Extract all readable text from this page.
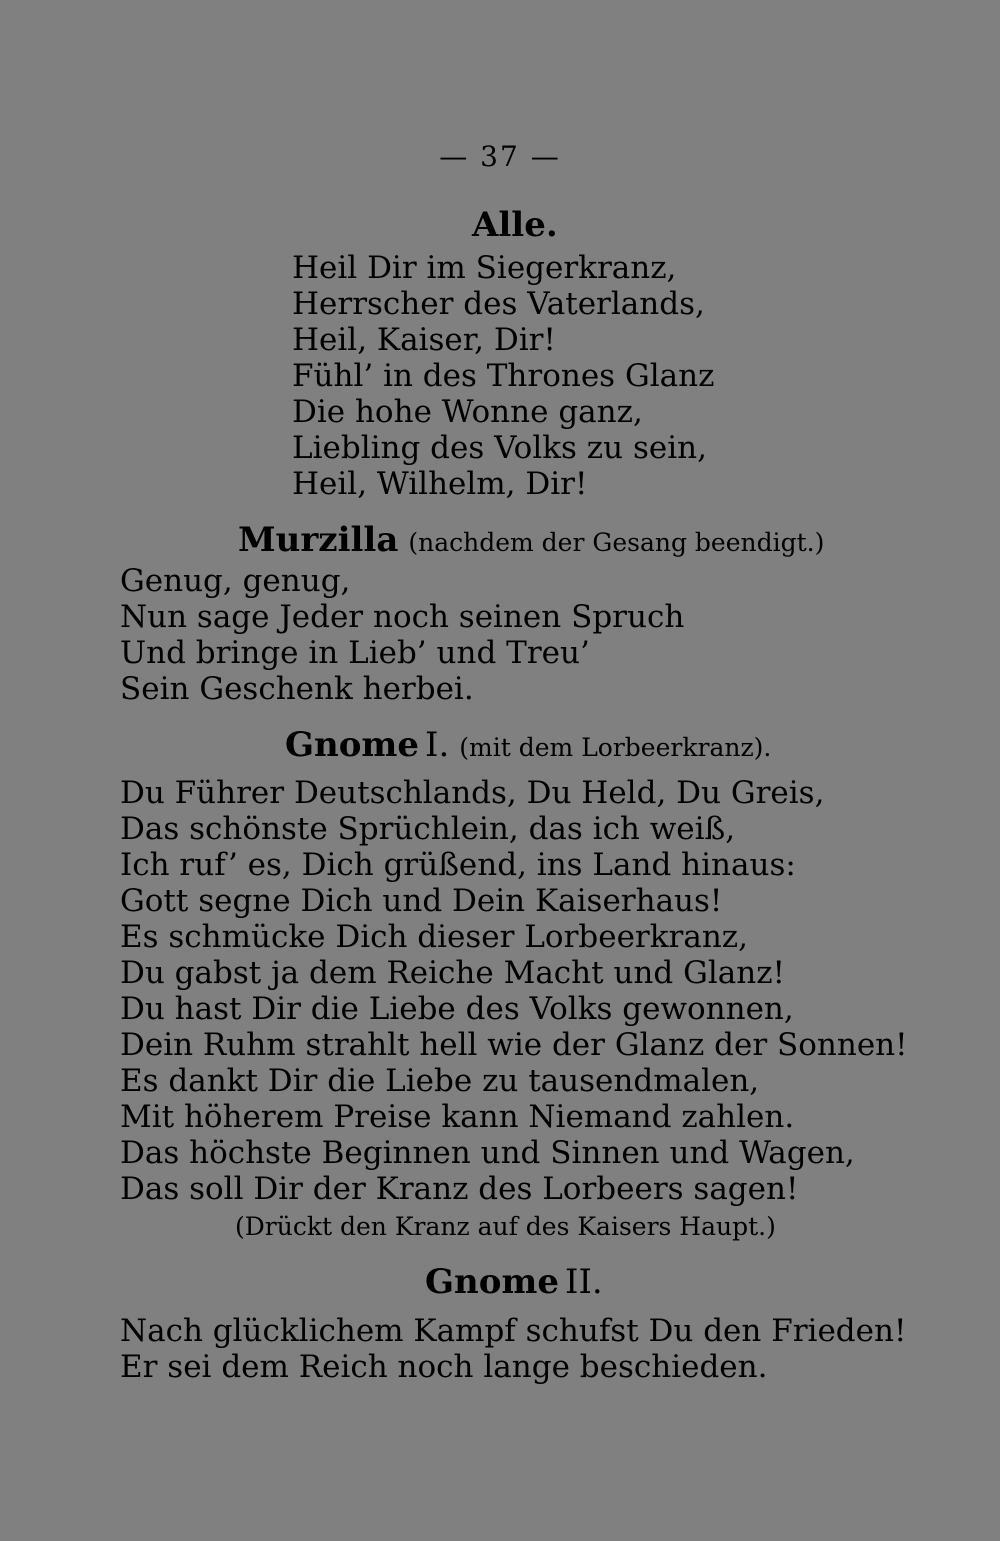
— 37 —
Alle.
Heil Dir im Siegerkranz,
Herrscher des Vaterlands,
Heil, Kaiser, Dir!
Fühl’ in des Thrones Glanz
Die hohe Wonne ganz,
Liebling des Volks zu sein,
Heil, Wilhelm, Dir!
Murzilla (nachdem der Gesang beendigt.)
Genug, genug,
Nun sage Jeder noch seinen Spruch
Und bringe in Lieb’ und Treu’
Sein Geschenk herbei.
Gnome I. (mit dem Lorbeerkranz).
Du Führer Deutschlands, Du Held, Du Greis,
Das schönste Sprüchlein, das ich weiß,
Ich ruf’ es, Dich grüßend, ins Land hinaus:
Gott segne Dich und Dein Kaiserhaus!
Es schmücke Dich dieser Lorbeerkranz,
Du gabst ja dem Reiche Macht und Glanz!
Du hast Dir die Liebe des Volks gewonnen,
Dein Ruhm strahlt hell wie der Glanz der Sonnen!
Es dankt Dir die Liebe zu tausendmalen,
Mit höherem Preise kann Niemand zahlen.
Das höchste Beginnen und Sinnen und Wagen,
Das soll Dir der Kranz des Lorbeers sagen!
(Drückt den Kranz auf des Kaisers Haupt.)
Gnome II.
Nach glücklichem Kampf schufst Du den Frieden!
Er sei dem Reich noch lange beschieden.
